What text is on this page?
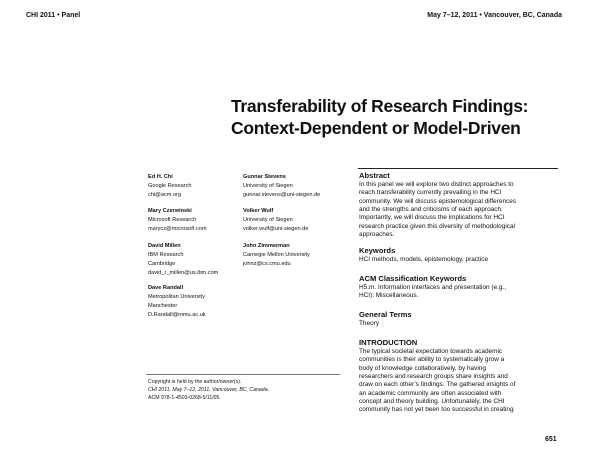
CHI 2011 • Panel	May 7–12, 2011 • Vancouver, BC, Canada
Transferability of Research Findings:
Context-Dependent or Model-Driven
Ed H. Chi
Google Research
chi@acm.org
Mary Czerwinski
Microsoft Research
marycz@microsoft.com
David Millen
IBM Research
Cambridge
david_r_millen@us.ibm.com
Dave Randall
Metropolitan University
Manchester
D.Randall@mmu.ac.uk
Gunnar Stevens
University of Siegen
gunnar.stevens@uni-siegen.de
Volker Wulf
University of Siegen
volker.wulf@uni-siegen.de
John Zimmerman
Carnegie Mellon University
johnz@cs.cmu.edu
Copyright is held by the author/owner(s).
CHI 2011, May 7–12, 2011, Vancouver, BC, Canada.
ACM 978-1-4503-0268-5/11/05.
Abstract
In this panel we will explore two distinct approaches to
reach transferability currently prevailing in the HCI
community. We will discuss epistemological differences
and the strengths and criticisms of each approach.
Importantly, we will discuss the implications for HCI
research practice given this diversity of methodological
approaches.
Keywords
HCI methods, models, epistemology, practice
ACM Classification Keywords
H5.m. Information interfaces and presentation (e.g.,
HCI): Miscellaneous.
General Terms
Theory
INTRODUCTION
The typical societal expectation towards academic
communities is their ability to systematically grow a
body of knowledge collaboratively, by having
researchers and research groups share insights and
draw on each other’s findings. The gathered insights of
an academic community are often associated with
concept and theory building. Unfortunately, the CHI
community has not yet been too successful in creating
651
